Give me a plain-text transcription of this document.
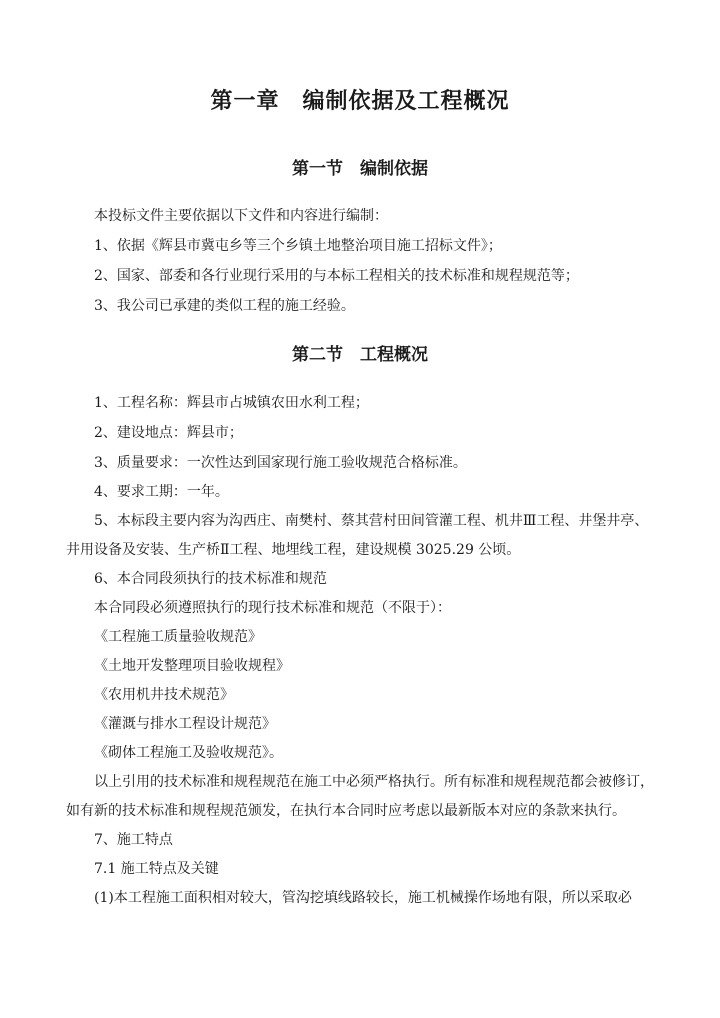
第一章　编制依据及工程概况
第一节　编制依据
本投标文件主要依据以下文件和内容进行编制：
1、依据《辉县市冀屯乡等三个乡镇土地整治项目施工招标文件》；
2、国家、部委和各行业现行采用的与本标工程相关的技术标准和规程规范等；
3、我公司已承建的类似工程的施工经验。
第二节　工程概况
1、工程名称：辉县市占城镇农田水利工程；
2、建设地点：辉县市；
3、质量要求：一次性达到国家现行施工验收规范合格标准。
4、要求工期：一年。
5、本标段主要内容为沟西庄、南樊村、蔡其营村田间管灌工程、机井Ⅲ工程、井堡井亭、
井用设备及安装、生产桥Ⅱ工程、地埋线工程，建设规模 3025.29 公顷。
6、本合同段须执行的技术标准和规范
本合同段必须遵照执行的现行技术标准和规范（不限于）：
《工程施工质量验收规范》
《土地开发整理项目验收规程》
《农用机井技术规范》
《灌溉与排水工程设计规范》
《砌体工程施工及验收规范》。
以上引用的技术标准和规程规范在施工中必须严格执行。所有标准和规程规范都会被修订，
如有新的技术标准和规程规范颁发，在执行本合同时应考虑以最新版本对应的条款来执行。
7、施工特点
7.1 施工特点及关键
(1)本工程施工面积相对较大，管沟挖填线路较长，施工机械操作场地有限，所以采取必
